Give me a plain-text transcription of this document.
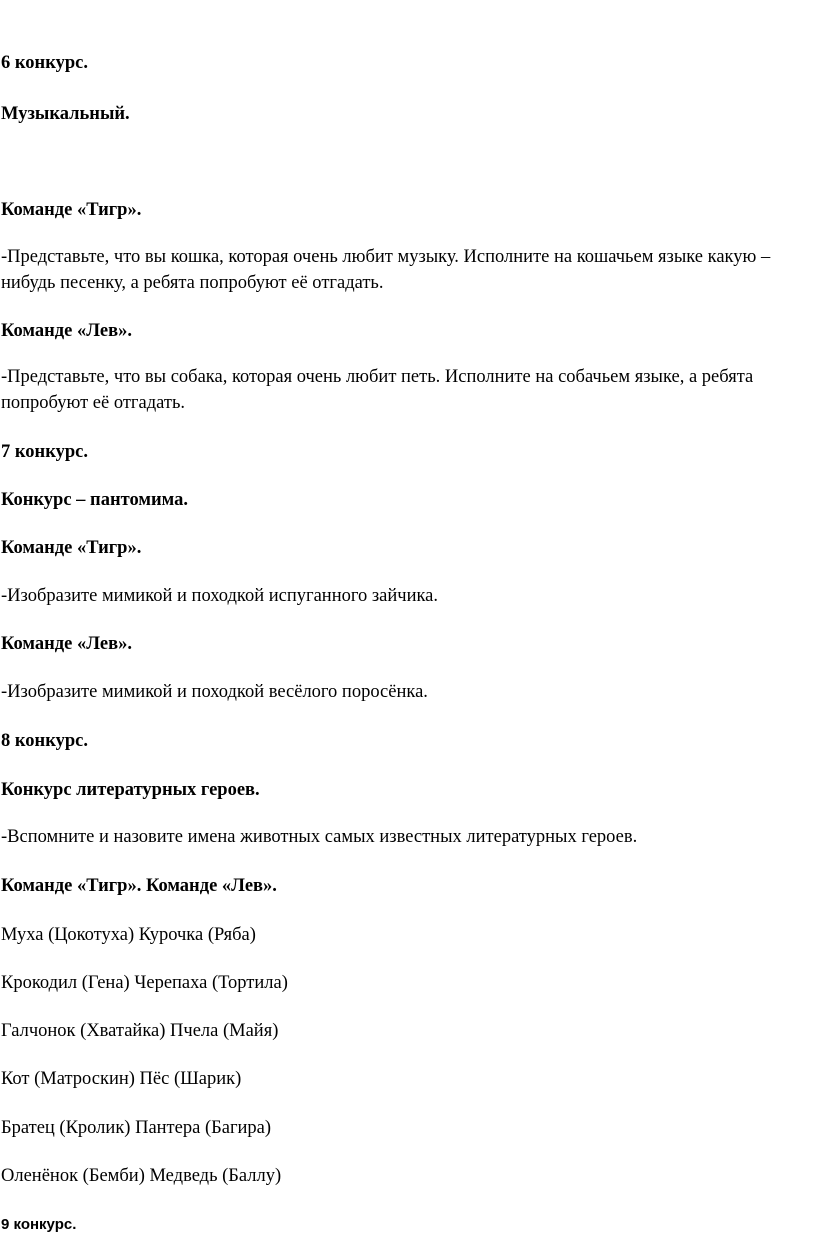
6 конкурс.

Музыкальный.

Команде «Тигр».

-Представьте, что вы кошка, которая очень любит музыку. Исполните на кошачьем языке какую – нибудь песенку, а ребята попробуют её отгадать.

Команде «Лев».

-Представьте, что вы собака, которая очень любит петь. Исполните на собачьем языке, а ребята попробуют её отгадать.

7 конкурс.

Конкурс – пантомима.

Команде «Тигр».

-Изобразите мимикой и походкой испуганного зайчика.

Команде «Лев».

-Изобразите мимикой и походкой весёлого поросёнка.

8 конкурс.

Конкурс литературных героев.

-Вспомните и назовите имена животных самых известных литературных героев.

Команде «Тигр». Команде «Лев».

Муха (Цокотуха) Курочка (Ряба)

Крокодил (Гена) Черепаха (Тортила)

Галчонок (Хватайка) Пчела (Майя)

Кот (Матроскин) Пёс (Шарик)

Братец (Кролик) Пантера (Багира)

Оленёнок (Бемби) Медведь (Баллу)

9 конкурс.
